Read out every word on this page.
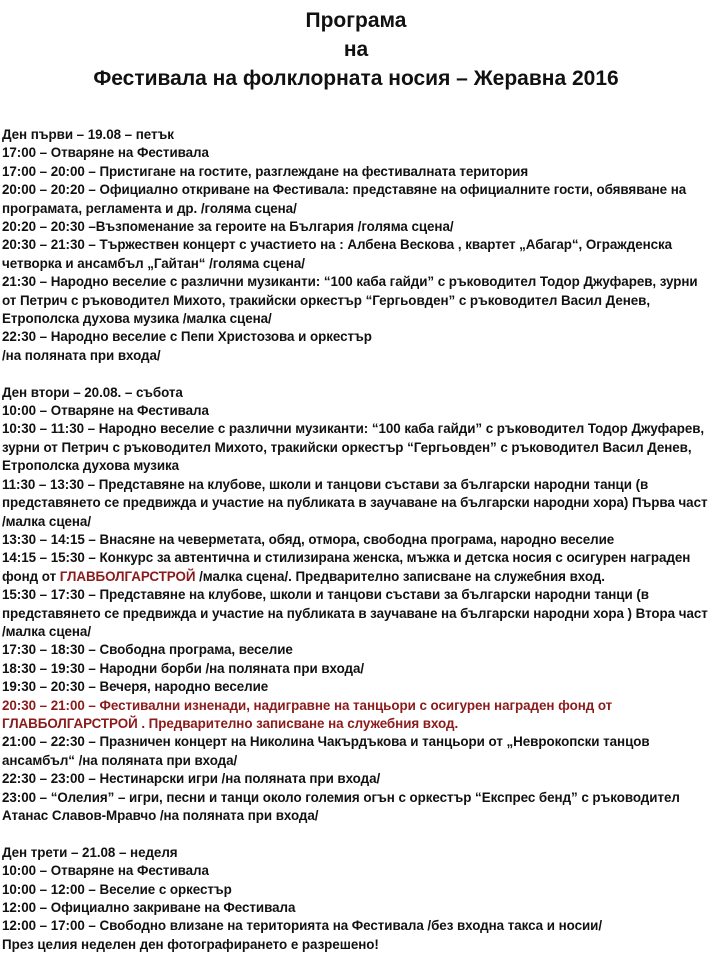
Програма

на

Фестивала на фолклорната носия – Жеравна 2016

Ден първи – 19.08 – петък

17:00 – Отваряне на Фестивала

17:00 – 20:00 – Пристигане на гостите, разглеждане на фестивалната територия

20:00 – 20:20 – Официално откриване на Фестивала: представяне на официалните гости, обявяване на програмата, регламента и др. /голяма сцена/

20:20 – 20:30 –Възпоменание за героите на България /голяма сцена/

20:30 – 21:30 – Тържествен концерт с участието на : Албена Вескова , квартет „Абагар“, Огражденска четворка и ансамбъл „Гайтан“ /голяма сцена/

21:30 – Народно веселие с различни музиканти: “100 каба гайди” с ръководител Тодор Джуфарев, зурни от Петрич с ръководител Михото, тракийски оркестър “Гергьовден” с ръководител Васил Денев, Етрополска духова музика /малка сцена/

22:30 – Народно веселие с Пепи Христозова и оркестър

/на поляната при входа/

Ден втори – 20.08. – събота

10:00 – Отваряне на Фестивала

10:30 – 11:30 – Народно веселие с различни музиканти: “100 каба гайди” с ръководител Тодор Джуфарев, зурни от Петрич с ръководител Михото, тракийски оркестър “Гергьовден” с ръководител Васил Денев, Етрополска духова музика

11:30 – 13:30 – Представяне на клубове, школи и танцови състави за български народни танци (в представянето се предвижда и участие на публиката в заучаване на български народни хора) Първа част /малка сцена/

13:30 – 14:15 – Внасяне на чеверметата, обяд, отмора, свободна програма, народно веселие

14:15 – 15:30 – Конкурс за автентична и стилизирана женска, мъжка и детска носия с осигурен награден фонд от ГЛАВБОЛГАРСТРОЙ /малка сцена/. Предварително записване на служебния вход.

15:30 – 17:30 – Представяне на клубове, школи и танцови състави за български народни танци (в представянето се предвижда и участие на публиката в заучаване на български народни хора ) Втора част /малка сцена/

17:30 – 18:30 – Свободна програма, веселие

18:30 – 19:30 – Народни борби /на поляната при входа/

19:30 – 20:30 – Вечеря, народно веселие

20:30 – 21:00 – Фестивални изненади, надигравне на танцьори с осигурен награден фонд от ГЛАВБОЛГАРСТРОЙ . Предварително записване на служебния вход.

21:00 – 22:30 – Празничен концерт на Николина Чакърдъкова и танцьори от „Неврокопски танцов ансамбъл“ /на поляната при входа/

22:30 – 23:00 – Нестинарски игри /на поляната при входа/

23:00 – “Олелия” – игри, песни и танци около големия огън с оркестър “Експрес бенд” с ръководител Атанас Славов-Мравчо /на поляната при входа/

Ден трети – 21.08 – неделя

10:00 – Отваряне на Фестивала

10:00 – 12:00 – Веселие с оркестър

12:00 – Официално закриване на Фестивала

12:00 – 17:00 – Свободно влизане на територията на Фестивала /без входна такса и носии/

През целия неделен ден фотографирането е разрешено!
